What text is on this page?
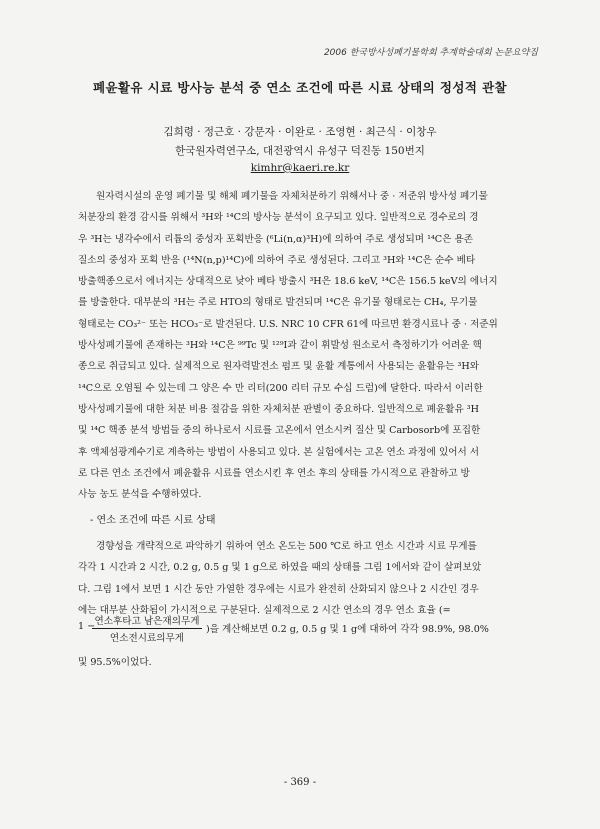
2006 한국방사성폐기물학회 추계학술대회 논문요약집
폐윤활유 시료 방사능 분석 중 연소 조건에 따른 시료 상태의 정성적 관찰
김희령 · 정근호 · 강문자 · 이완로 · 조영현 · 최근식 · 이창우
한국원자력연구소, 대전광역시 유성구 덕진동 150번지
kimhr@kaeri.re.kr
원자력시설의 운영 폐기물 및 해체 폐기물을 자체처분하기 위해서나 중 · 저준위 방사성 폐기물
처분장의 환경 감시를 위해서 ³H와 ¹⁴C의 방사능 분석이 요구되고 있다. 일반적으로 경수로의 경
우 ³H는 냉각수에서 리튬의 중성자 포획반응 (⁶Li(n,α)³H)에 의하여 주로 생성되며 ¹⁴C은 용존
질소의 중성자 포획 반응 (¹⁴N(n,p)¹⁴C)에 의하여 주로 생성된다. 그리고 ³H와 ¹⁴C은 순수 베타
방출핵종으로서 에너지는 상대적으로 낮아 베타 방출시 ³H은 18.6 keV, ¹⁴C은 156.5 keV의 에너지
를 방출한다. 대부분의 ³H는 주로 HTO의 형태로 발견되며 ¹⁴C은 유기물 형태로는 CH₄, 무기물
형태로는 CO₃²⁻ 또는 HCO₃⁻로 발견된다. U.S. NRC 10 CFR 61에 따르면 환경시료나 중 · 저준위
방사성폐기물에 존재하는 ³H와 ¹⁴C은 ⁹⁹Tc 및 ¹²⁹I과 같이 휘발성 원소로서 측정하기가 어려운 핵
종으로 취급되고 있다. 실제적으로 원자력발전소 펌프 및 윤활 계통에서 사용되는 윤활유는 ³H와
¹⁴C으로 오염될 수 있는데 그 양은 수 만 리터(200 리터 규모 수십 드럼)에 달한다. 따라서 이러한
방사성폐기물에 대한 처분 비용 절감을 위한 자체처분 판별이 중요하다. 일반적으로 폐윤활유 ³H
및 ¹⁴C 핵종 분석 방법들 중의 하나로서 시료를 고온에서 연소시켜 질산 및 Carbosorb에 포집한
후 액체섬광계수기로 계측하는 방법이 사용되고 있다. 본 실험에서는 고온 연소 과정에 있어서 서
로 다른 연소 조건에서 폐윤활유 시료를 연소시킨 후 연소 후의 상태를 가시적으로 관찰하고 방
사능 농도 분석을 수행하였다.
- 연소 조건에 따른 시료 상태
경향성을 개략적으로 파악하기 위하여 연소 온도는 500 ℃로 하고 연소 시간과 시료 무게를
각각 1 시간과 2 시간, 0.2 g, 0.5 g 및 1 g으로 하였을 때의 상태를 그림 1에서와 같이 살펴보았
다. 그림 1에서 보면 1 시간 동안 가열한 경우에는 시료가 완전히 산화되지 않으나 2 시간인 경우
에는 대부분 산화됨이 가시적으로 구분된다. 실제적으로 2 시간 연소의 경우 연소 효율 (=
1 − 연소후타고 남은재의무게
연소전시료의무게
)을 계산해보면 0.2 g, 0.5 g 및 1 g에 대하여 각각 98.9%, 98.0%
및 95.5%이었다.
- 369 -
